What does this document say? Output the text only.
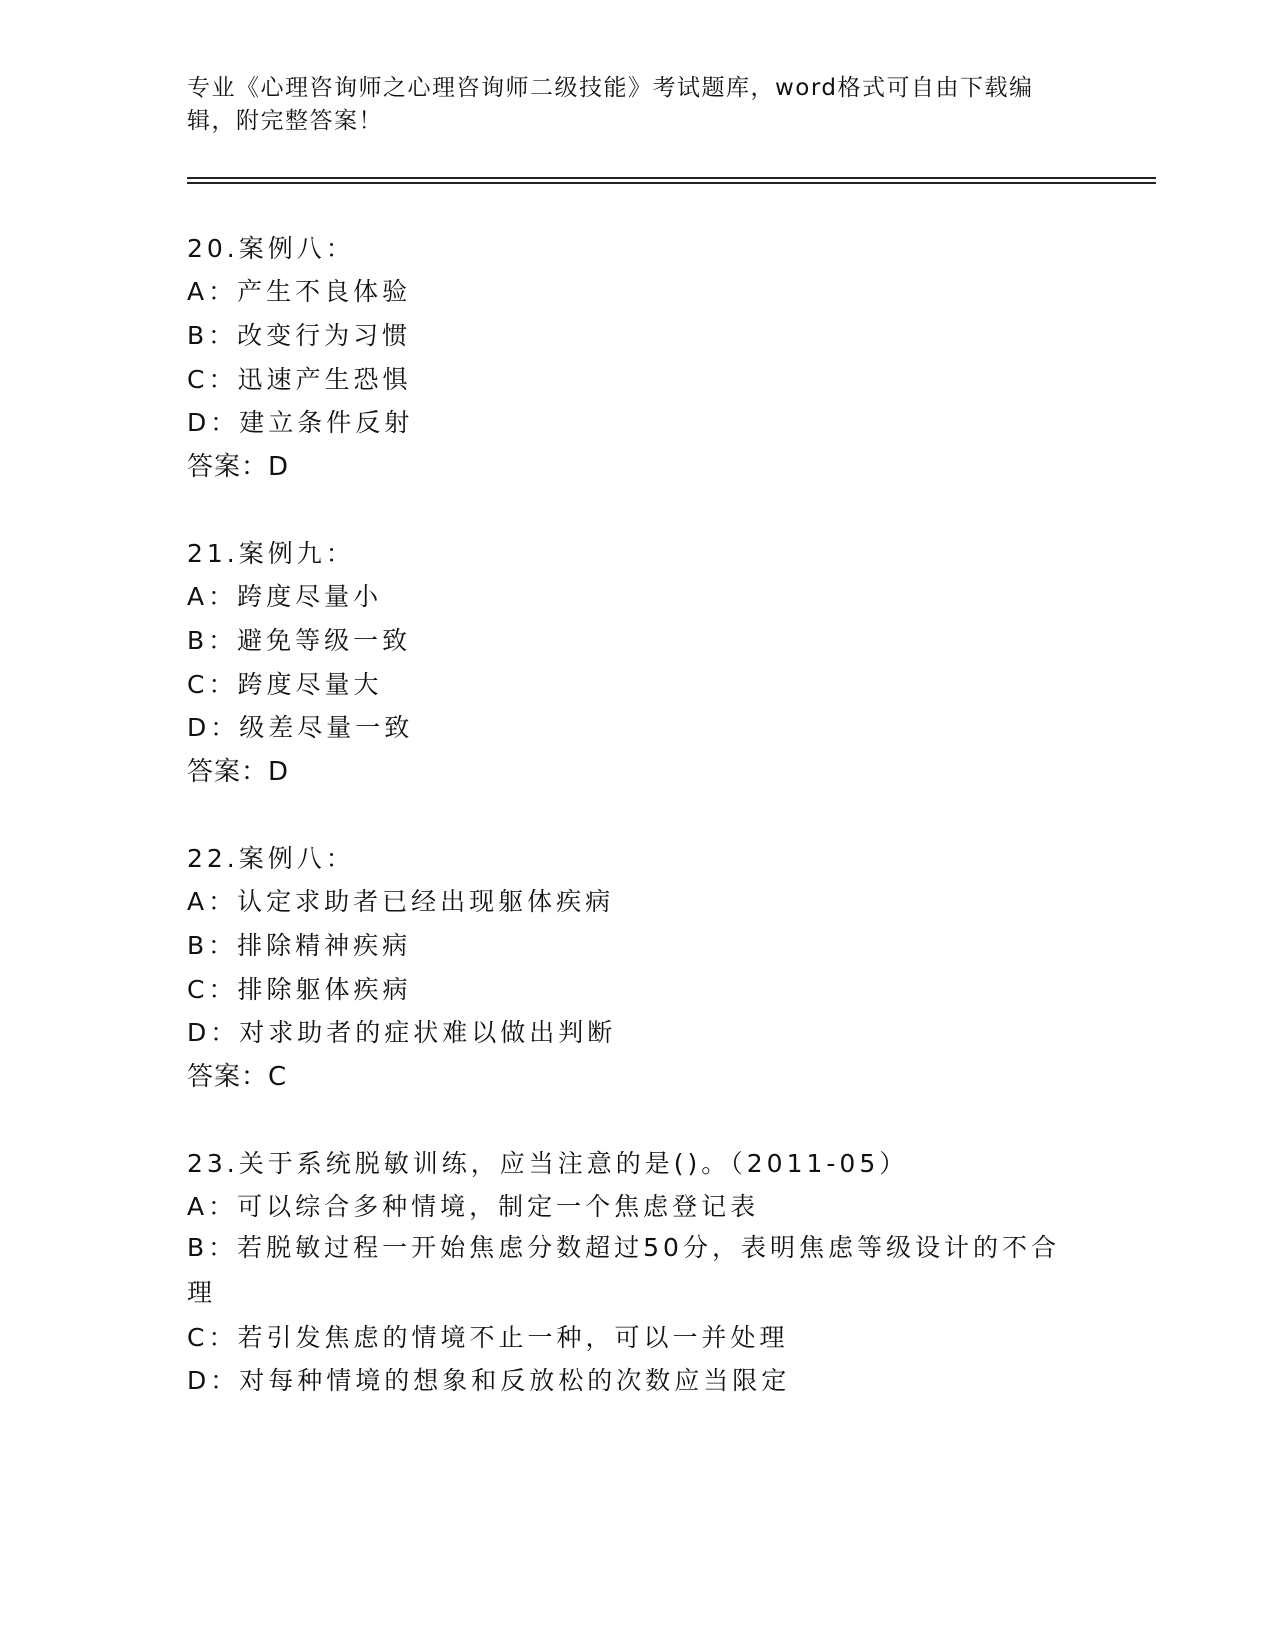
专业《心理咨询师之心理咨询师二级技能》考试题库，word格式可自由下载编辑，附完整答案！
20.案例八：
A：产生不良体验
B：改变行为习惯
C：迅速产生恐惧
D：建立条件反射
答案：D
21.案例九：
A：跨度尽量小
B：避免等级一致
C：跨度尽量大
D：级差尽量一致
答案：D
22.案例八：
A：认定求助者已经出现躯体疾病
B：排除精神疾病
C：排除躯体疾病
D：对求助者的症状难以做出判断
答案：C
23.关于系统脱敏训练，应当注意的是()。（2011-05）
A：可以综合多种情境，制定一个焦虑登记表
B：若脱敏过程一开始焦虑分数超过50分，表明焦虑等级设计的不合理
C：若引发焦虑的情境不止一种，可以一并处理
D：对每种情境的想象和反放松的次数应当限定
